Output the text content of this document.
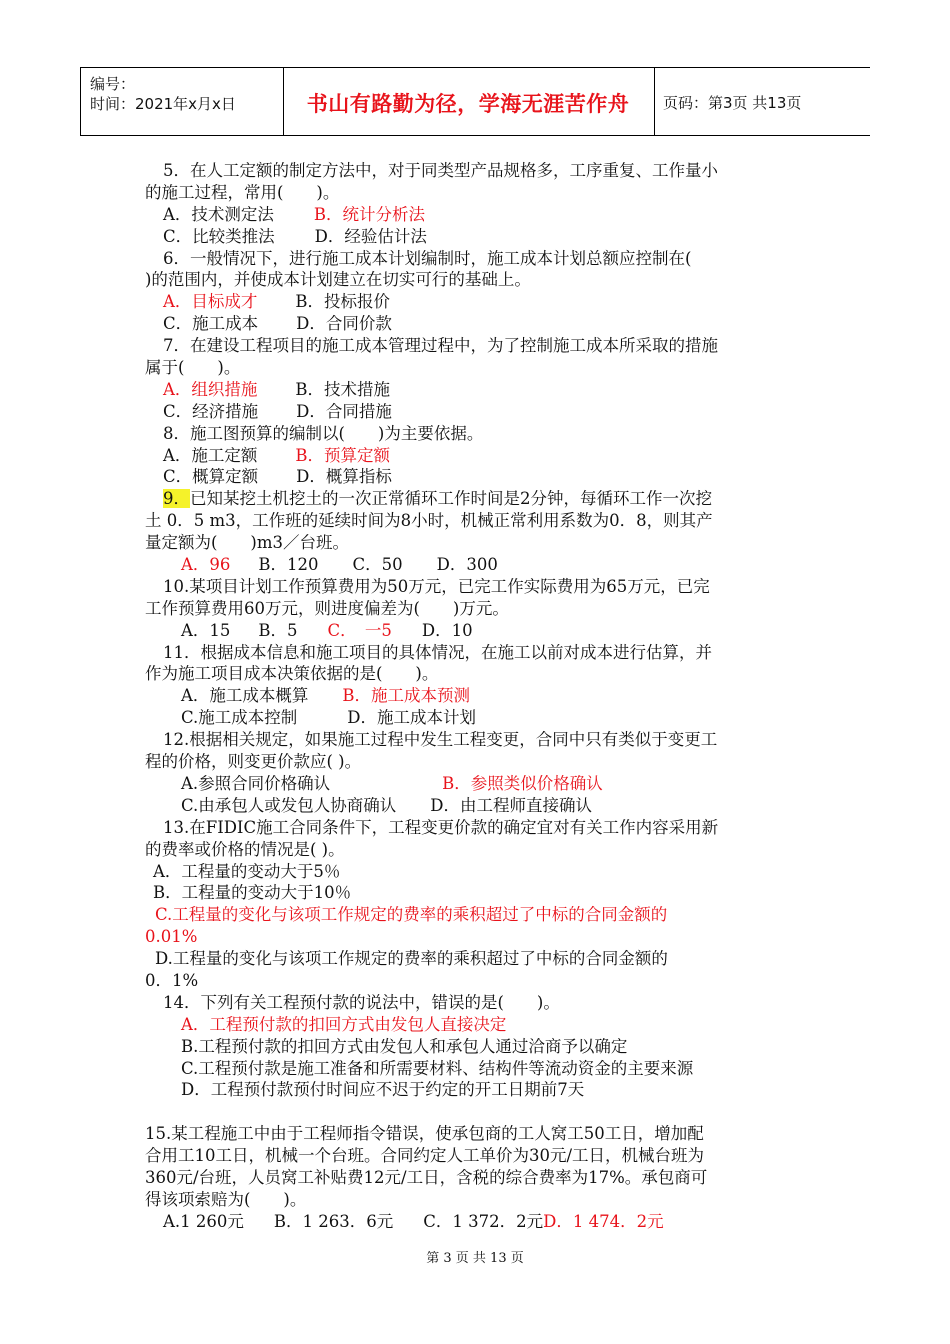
编号：
时间：2021年x月x日	书山有路勤为径，学海无涯苦作舟	页码：第3页 共13页
5．在人工定额的制定方法中，对于同类型产品规格多，工序重复、工作量小
的施工过程，常用(　　)。
A．技术测定法 B．统计分析法
C．比较类推法 D．经验估计法
6．一般情况下，进行施工成本计划编制时，施工成本计划总额应控制在(
)的范围内，并使成本计划建立在切实可行的基础上。
A．目标成才 B．投标报价
C．施工成本 D．合同价款
7．在建设工程项目的施工成本管理过程中，为了控制施工成本所采取的措施
属于(　　)。
A．组织措施 B．技术措施
C．经济措施 D．合同措施
8．施工图预算的编制以(　　)为主要依据。
A．施工定额 B．预算定额
C．概算定额 D．概算指标
9．已知某挖土机挖土的一次正常循环工作时间是2分钟，每循环工作一次挖
土 0．5 m3，工作班的延续时间为8小时，机械正常利用系数为0．8，则其产
量定额为(　　)m3／台班。
A．96 B．120 C．50 D．300
10.某项目计划工作预算费用为50万元，已完工作实际费用为65万元，已完
工作预算费用60万元，则进度偏差为(　　)万元。
A．15 B．5 C．　一5 D．10
11．根据成本信息和施工项目的具体情况，在施工以前对成本进行估算，并
作为施工项目成本决策依据的是(　　)。
A．施工成本概算 B．施工成本预测
C.施工成本控制	D．施工成本计划
12.根据相关规定，如果施工过程中发生工程变更，合同中只有类似于变更工
程的价格，则变更价款应( )。
A.参照合同价格确认	B．参照类似价格确认
C.由承包人或发包人协商确认 D．由工程师直接确认
13.在FIDIC施工合同条件下，工程变更价款的确定宜对有关工作内容采用新
的费率或价格的情况是( )。
A．工程量的变动大于5％
B．工程量的变动大于10％
C.工程量的变化与该项工作规定的费率的乘积超过了中标的合同金额的
0.01%
D.工程量的变化与该项工作规定的费率的乘积超过了中标的合同金额的
0．1%
14．下列有关工程预付款的说法中，错误的是(　　)。
A．工程预付款的扣回方式由发包人直接决定
B.工程预付款的扣回方式由发包人和承包人通过洽商予以确定
C.工程预付款是施工准备和所需要材料、结构件等流动资金的主要来源
D．工程预付款预付时间应不迟于约定的开工日期前7天
15.某工程施工中由于工程师指令错误，使承包商的工人窝工50工日，增加配
合用工10工日，机械一个台班。合同约定人工单价为30元/工日，机械台班为
360元/台班，人员窝工补贴费12元/工日，含税的综合费率为17%。承包商可
得该项索赔为(　　)。
A.1 260元 B．1 263．6元 C．1 372．2元D．1 474．2元
第 3 页 共 13 页
